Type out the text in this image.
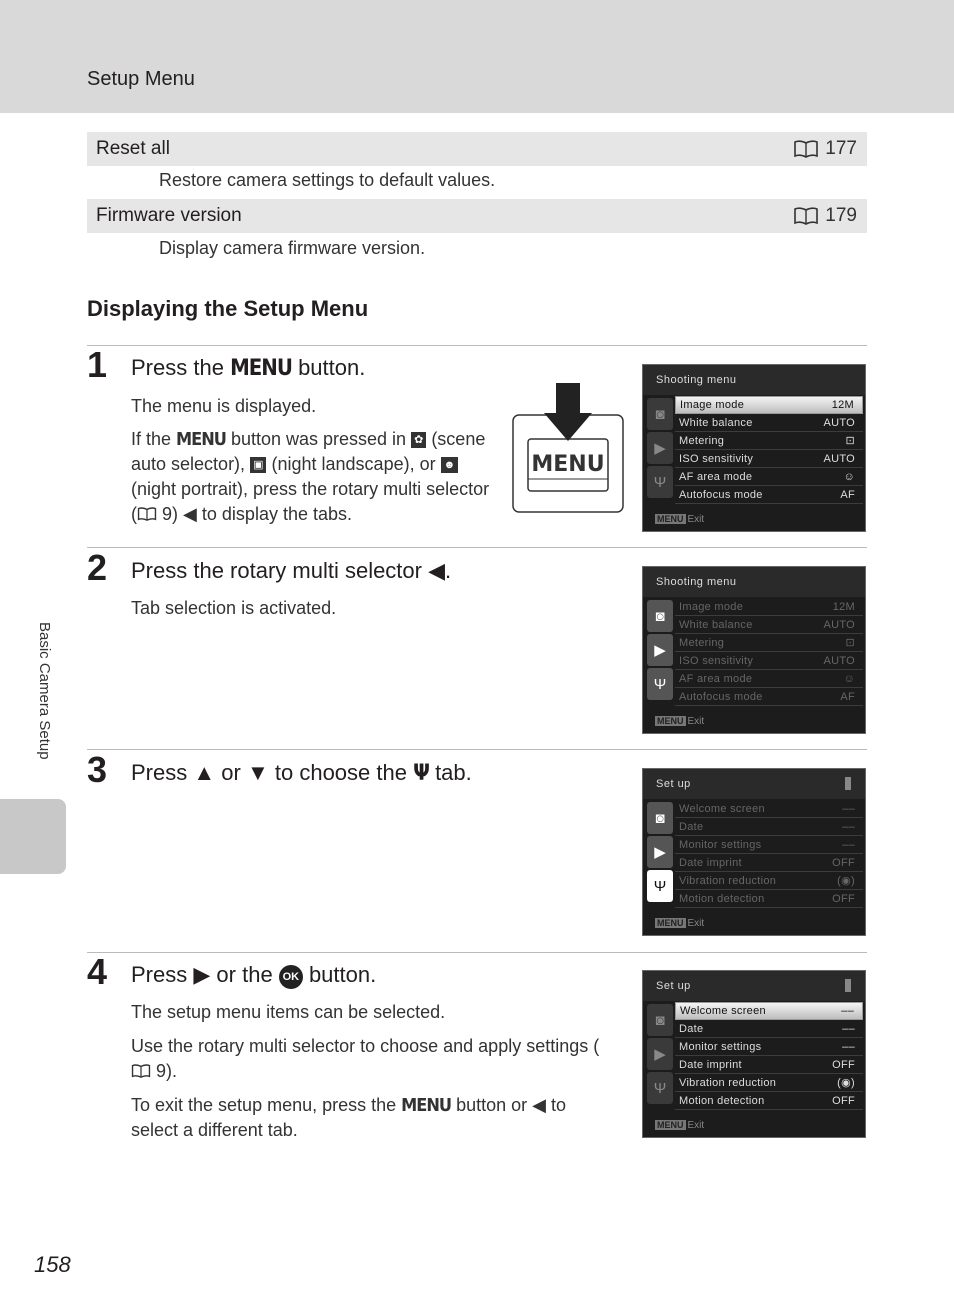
Setup Menu
Reset all	177
Restore camera settings to default values.
Firmware version	179
Display camera firmware version.
Displaying the Setup Menu
1 Press the MENU button.
The menu is displayed.
If the MENU button was pressed in ✿ (scene auto selector), ▣ (night landscape), or ☻ (night portrait), press the rotary multi selector ( 9) ◀ to display the tabs.
MENU
Shooting menu
◙
▶
Ψ
Image mode	12M
White balance	AUTO
Metering	⊡
ISO sensitivity	AUTO
AF area mode	☺
Autofocus mode	AF
MENU Exit
2 Press the rotary multi selector ◀.
Tab selection is activated.
Shooting menu
◙
▶
Ψ
Image mode	12M
White balance	AUTO
Metering	⊡
ISO sensitivity	AUTO
AF area mode	☺
Autofocus mode	AF
MENU Exit
3 Press ▲ or ▼ to choose the Ψ tab.	Set up
◙
▶
Ψ
Welcome screen	––
Date	––
Monitor settings	––
Date imprint	OFF
Vibration reduction	(◉)
Motion detection	OFF
MENU Exit
4 Press ▶ or the OK button.
The setup menu items can be selected.
Use the rotary multi selector to choose and apply settings (
9).
To exit the setup menu, press the MENU button or ◀ to select a different tab.
Set up
◙
▶
Ψ
Welcome screen	––
Date	––
Monitor settings	––
Date imprint	OFF
Vibration reduction	(◉)
Motion detection	OFF
MENU Exit
Basic Camera Setup
158
